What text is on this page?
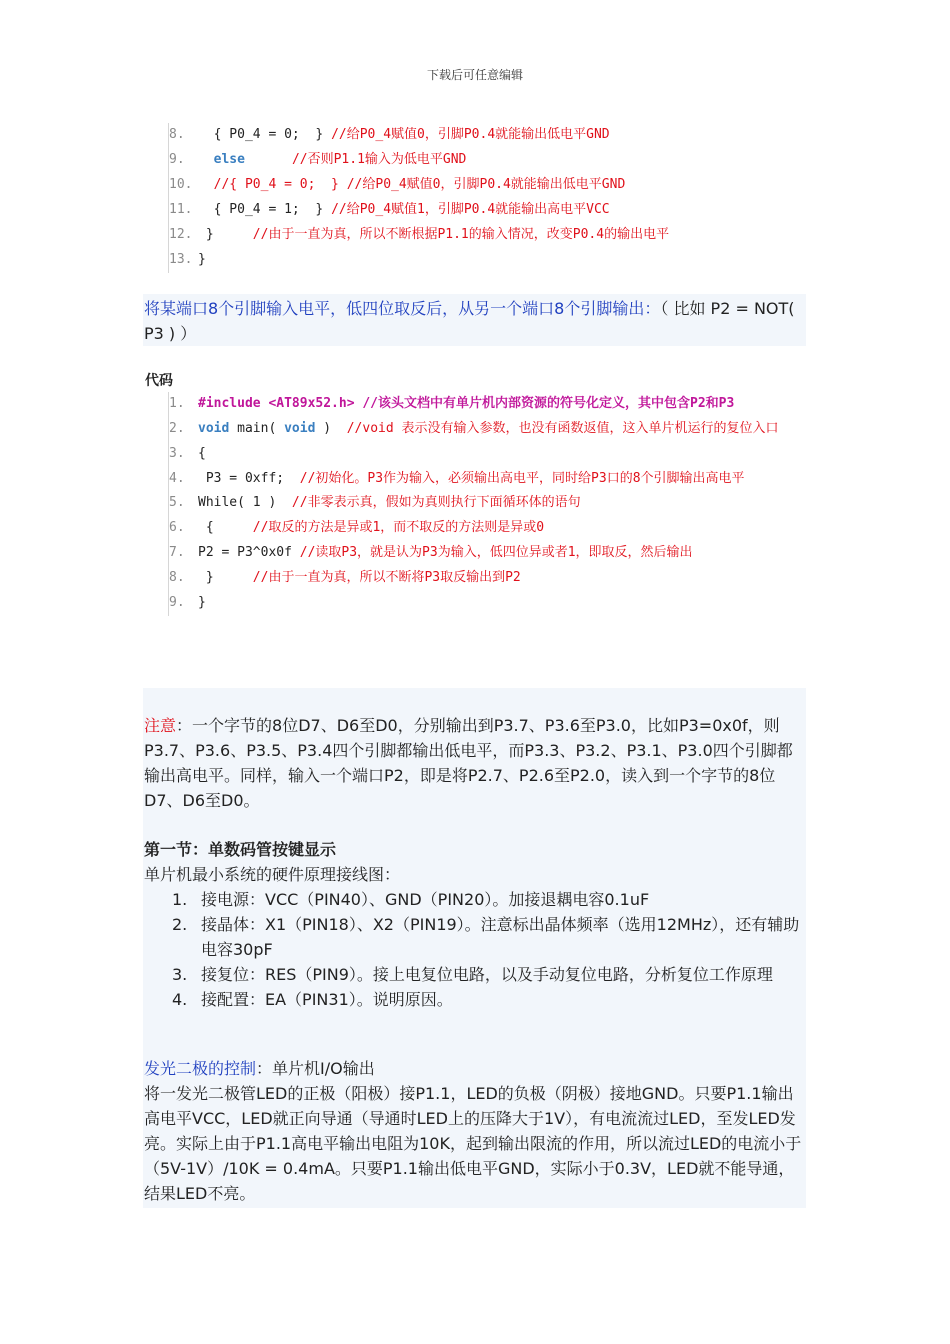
下载后可任意编辑
8.  { P0_4 = 0;  } //给P0_4赋值0，引脚P0.4就能输出低电平GND
9. else	//否则P1.1输入为低电平GND
10. //{ P0_4 = 0;  } //给P0_4赋值0，引脚P0.4就能输出低电平GND
11.  { P0_4 = 1;  } //给P0_4赋值1，引脚P0.4就能输出高电平VCC
12. }     //由于一直为真，所以不断根据P1.1的输入情况，改变P0.4的输出电平
13. }
将某端口8个引脚输入电平，低四位取反后，从另一个端口8个引脚输出：（ 比如 P2 = NOT( P3 ) ）
代码
1. #include <AT89x52.h> //该头文档中有单片机内部资源的符号化定义，其中包含P2和P3
2. void main( void )  //void 表示没有输入参数，也没有函数返值，这入单片机运行的复位入口
3. {
4. P3 = 0xff;  //初始化。P3作为输入，必须输出高电平，同时给P3口的8个引脚输出高电平
5. While( 1 )  //非零表示真，假如为真则执行下面循环体的语句
6. {     //取反的方法是异或1，而不取反的方法则是异或0
7. P2 = P3^0x0f //读取P3，就是认为P3为输入，低四位异或者1，即取反，然后输出
8. }     //由于一直为真，所以不断将P3取反输出到P2
9. }
注意：一个字节的8位D7、D6至D0，分别输出到P3.7、P3.6至P3.0，比如P3=0x0f，则P3.7、P3.6、P3.5、P3.4四个引脚都输出低电平，而P3.3、P3.2、P3.1、P3.0四个引脚都输出高电平。同样，输入一个端口P2，即是将P2.7、P2.6至P2.0，读入到一个字节的8位D7、D6至D0。
第一节：单数码管按键显示
单片机最小系统的硬件原理接线图：
1. 接电源：VCC（PIN40）、GND（PIN20）。加接退耦电容0.1uF
2. 接晶体：X1（PIN18）、X2（PIN19）。注意标出晶体频率（选用12MHz），还有辅助电容30pF
3. 接复位：RES（PIN9）。接上电复位电路，以及手动复位电路，分析复位工作原理
4. 接配置：EA（PIN31）。说明原因。
发光二极的控制：单片机I/O输出
将一发光二极管LED的正极（阳极）接P1.1，LED的负极（阴极）接地GND。只要P1.1输出高电平VCC，LED就正向导通（导通时LED上的压降大于1V），有电流流过LED，至发LED发亮。实际上由于P1.1高电平输出电阻为10K，起到输出限流的作用，所以流过LED的电流小于（5V-1V）/10K = 0.4mA。只要P1.1输出低电平GND，实际小于0.3V，LED就不能导通，结果LED不亮。
